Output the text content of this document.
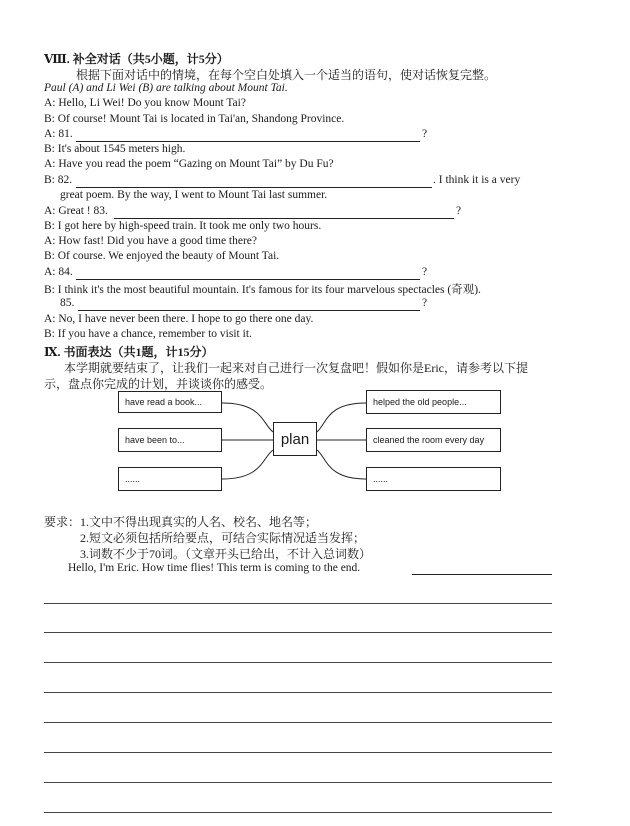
Ⅷ. 补全对话（共5小题，计5分）
根据下面对话中的情境，在每个空白处填入一个适当的语句，使对话恢复完整。
Paul (A) and Li Wei (B) are talking about Mount Tai.
A: Hello, Li Wei! Do you know Mount Tai?
B: Of course! Mount Tai is located in Tai'an, Shandong Province.
A: 81.	?
B: It's about 1545 meters high.
A: Have you read the poem “Gazing on Mount Tai” by Du Fu?
B: 82.	. I think it is a very
great poem. By the way, I went to Mount Tai last summer.
A: Great ! 83.	?
B: I got here by high-speed train. It took me only two hours.
A: How fast! Did you have a good time there?
B: Of course. We enjoyed the beauty of Mount Tai.
A: 84.	?
B: I think it's the most beautiful mountain. It's famous for its four marvelous spectacles (奇观).
85.	?
A: No, I have never been there. I hope to go there one day.
B: If you have a chance, remember to visit it.
Ⅸ. 书面表达（共1题，计15分）
本学期就要结束了，让我们一起来对自己进行一次复盘吧！假如你是Eric，请参考以下提
示，盘点你完成的计划，并谈谈你的感受。
have read a book...
have been to...
......
plan
helped the old people...
cleaned the room every day
......
要求： 1.文中不得出现真实的人名、校名、地名等；
2.短文必须包括所给要点，可结合实际情况适当发挥；
3.词数不少于70词。（文章开头已给出，不计入总词数）
Hello, I'm Eric. How time flies! This term is coming to the end.
